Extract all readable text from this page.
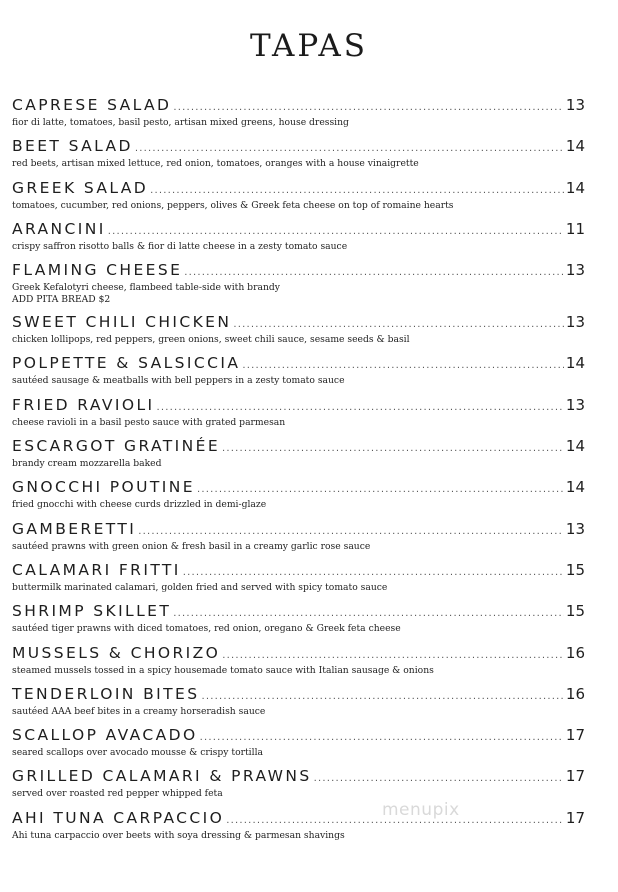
TAPAS
CAPRESE SALAD .....	13
fior di latte, tomatoes, basil pesto, artisan mixed greens, house dressing
BEET SALAD .....	14
red beets, artisan mixed lettuce, red onion, tomatoes, oranges with a house vinaigrette
GREEK SALAD .....	14
tomatoes, cucumber, red onions, peppers, olives & Greek feta cheese on top of romaine hearts
ARANCINI .....	11
crispy saffron risotto balls & fior di latte cheese in a zesty tomato sauce
FLAMING CHEESE .....	13
Greek Kefalotyri cheese, flambeed table-side with brandy
ADD PITA BREAD $2
SWEET CHILI CHICKEN .....	13
chicken lollipops, red peppers, green onions, sweet chili sauce, sesame seeds & basil
POLPETTE & SALSICCIA .....	14
sautéed sausage & meatballs with bell peppers in a zesty tomato sauce
FRIED RAVIOLI .....	13
cheese ravioli in a basil pesto sauce with grated parmesan
ESCARGOT GRATINÉE .....	14
brandy cream mozzarella baked
GNOCCHI POUTINE .....	14
fried gnocchi with cheese curds drizzled in demi-glaze
GAMBERETTI .....	13
sautéed prawns with green onion & fresh basil in a creamy garlic rose sauce
CALAMARI FRITTI .....	15
buttermilk marinated calamari, golden fried and served with spicy tomato sauce
SHRIMP SKILLET .....	15
sautéed tiger prawns with diced tomatoes, red onion, oregano & Greek feta cheese
MUSSELS & CHORIZO .....	16
steamed mussels tossed in a spicy housemade tomato sauce with Italian sausage & onions
TENDERLOIN BITES .....	16
sautéed AAA beef bites in a creamy horseradish sauce
SCALLOP AVACADO .....	17
seared scallops over avocado mousse & crispy tortilla
GRILLED CALAMARI & PRAWNS .....	17
served over roasted red pepper whipped feta
AHI TUNA CARPACCIO .....	17
Ahi tuna carpaccio over beets with soya dressing & parmesan shavings
menupix
